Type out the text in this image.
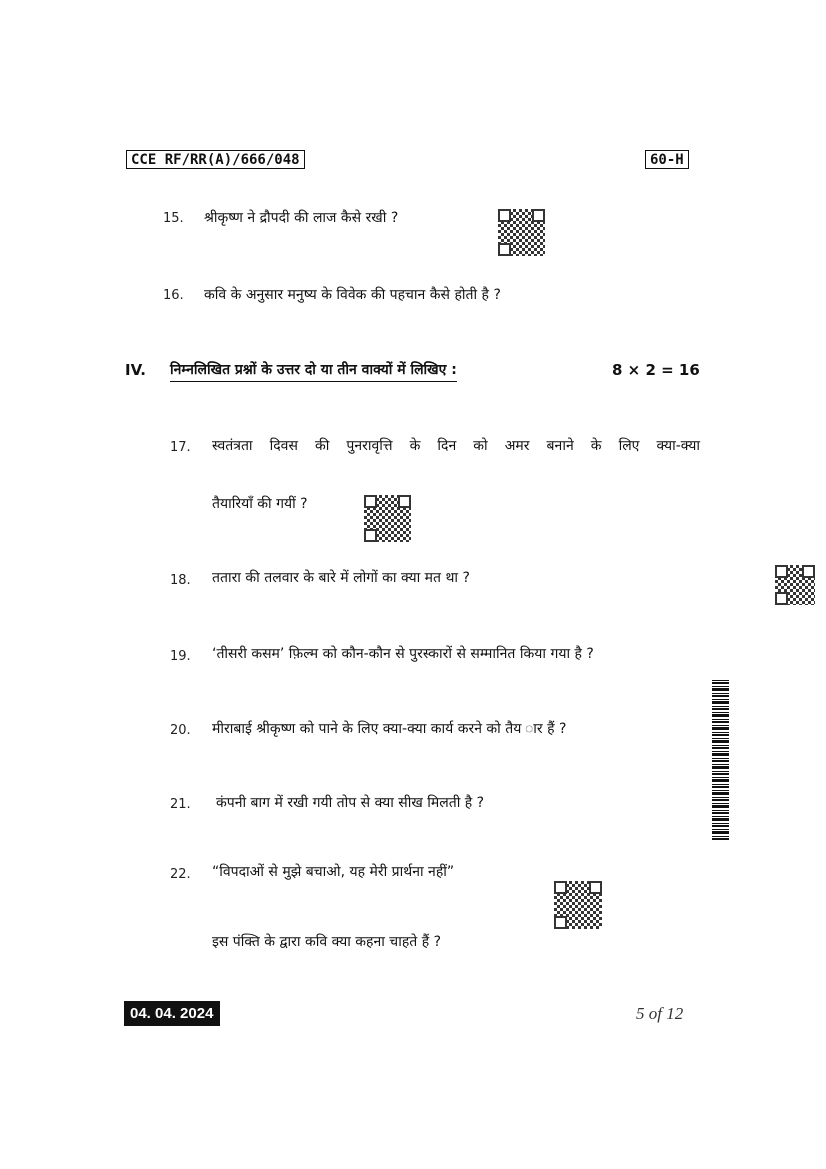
CCE RF/RR(A)/666/048	60-H
15. श्रीकृष्ण ने द्रौपदी की लाज कैसे रखी ?
16. कवि के अनुसार मनुष्य के विवेक की पहचान कैसे होती है ?
IV. निम्नलिखित प्रश्नों के उत्तर दो या तीन वाक्यों में लिखिए :	8 × 2 = 16
17. स्वतंत्रता दिवस की पुनरावृत्ति के दिन को अमर बनाने के लिए क्या-क्या
तैयारियाँ की गयीं ?
18. ततारा की तलवार के बारे में लोगों का क्या मत था ?
19. ‘तीसरी कसम’ फ़िल्म को कौन-कौन से पुरस्कारों से सम्मानित किया गया है ?
20. मीराबाई श्रीकृष्ण को पाने के लिए क्या-क्या कार्य करने को तैय ार हैं ?
21. कंपनी बाग में रखी गयी तोप से क्या सीख मिलती है ?
22. “विपदाओं से मुझे बचाओ, यह मेरी प्रार्थना नहीं”
इस पंक्ति के द्वारा कवि क्या कहना चाहते हैं ?
04. 04. 2024	5 of 12
